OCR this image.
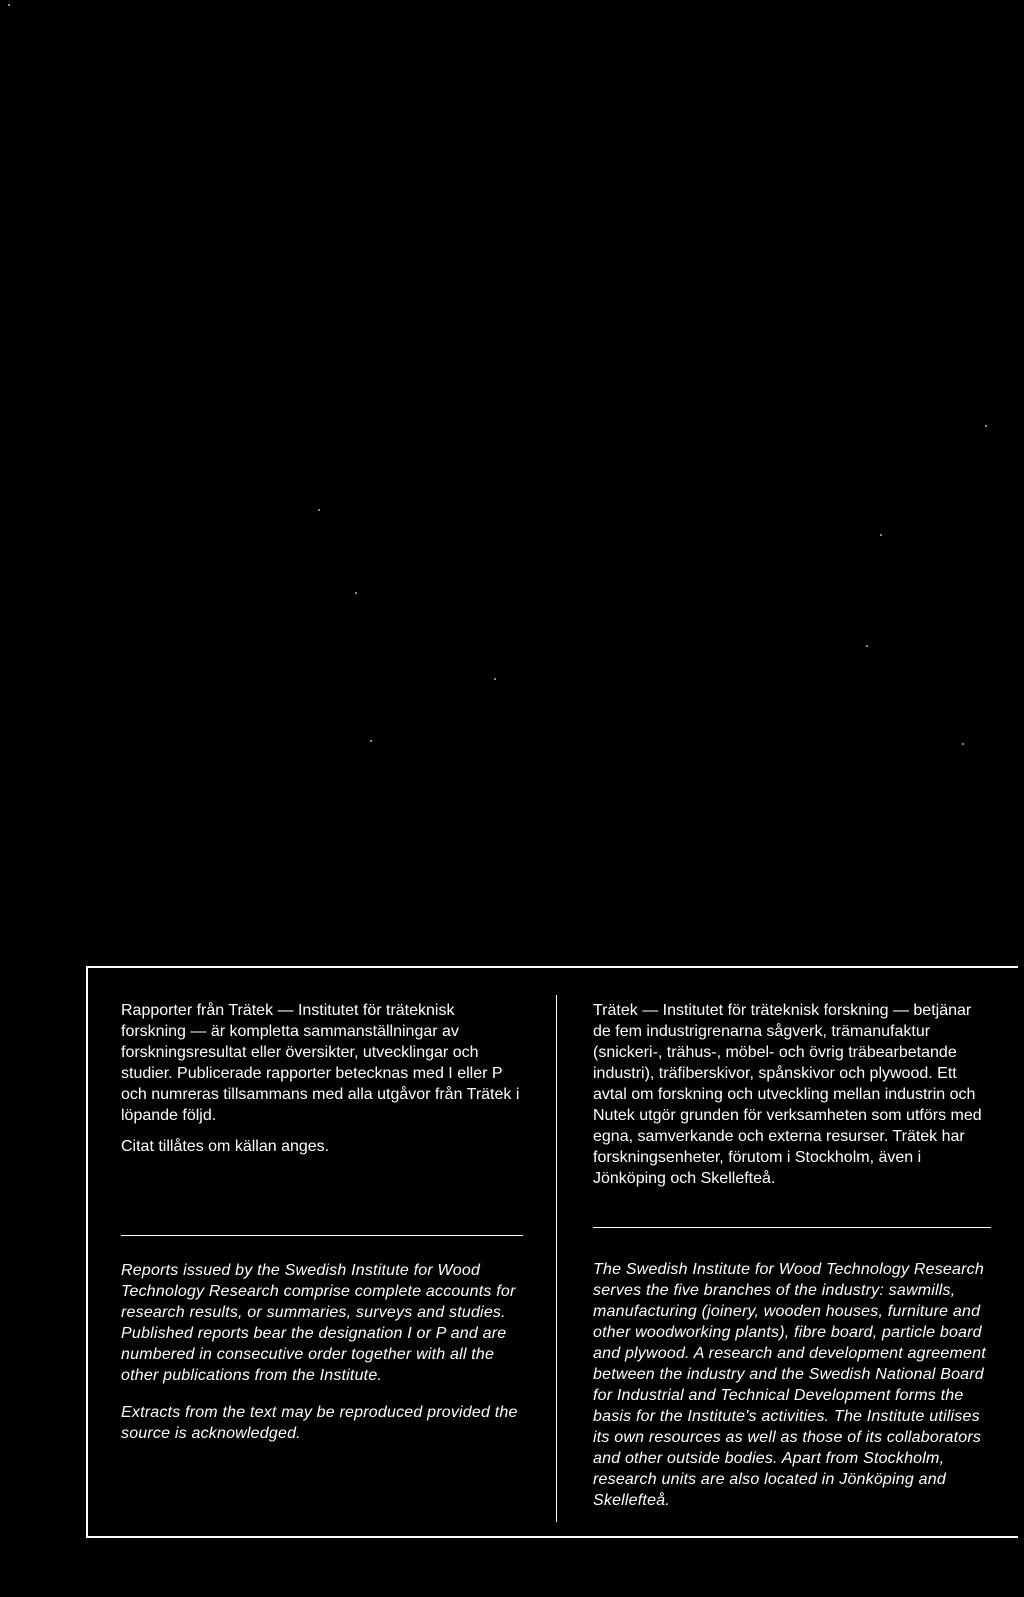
Rapporter från Trätek — Institutet för träteknisk forskning — är kompletta sammanställningar av forskningsresultat eller översikter, utvecklingar och studier. Publicerade rapporter betecknas med I eller P och numreras tillsammans med alla utgåvor från Trätek i löpande följd.

Citat tillåtes om källan anges.

Reports issued by the Swedish Institute for Wood Technology Research comprise complete accounts for research results, or summaries, surveys and studies. Published reports bear the designation I or P and are numbered in consecutive order together with all the other publications from the Institute.

Extracts from the text may be reproduced provided the source is acknowledged.

Trätek — Institutet för träteknisk forskning — betjänar de fem industrigrenarna sågverk, trämanufaktur (snickeri-, trähus-, möbel- och övrig träbearbetande industri), träfiberskivor, spånskivor och plywood. Ett avtal om forskning och utveckling mellan industrin och Nutek utgör grunden för verksamheten som utförs med egna, samverkande och externa resurser. Trätek har forskningsenheter, förutom i Stockholm, även i Jönköping och Skellefteå.

The Swedish Institute for Wood Technology Research serves the five branches of the industry: sawmills, manufacturing (joinery, wooden houses, furniture and other woodworking plants), fibre board, particle board and plywood. A research and development agreement between the industry and the Swedish National Board for Industrial and Technical Development forms the basis for the Institute's activities. The Institute utilises its own resources as well as those of its collaborators and other outside bodies. Apart from Stockholm, research units are also located in Jönköping and Skellefteå.
